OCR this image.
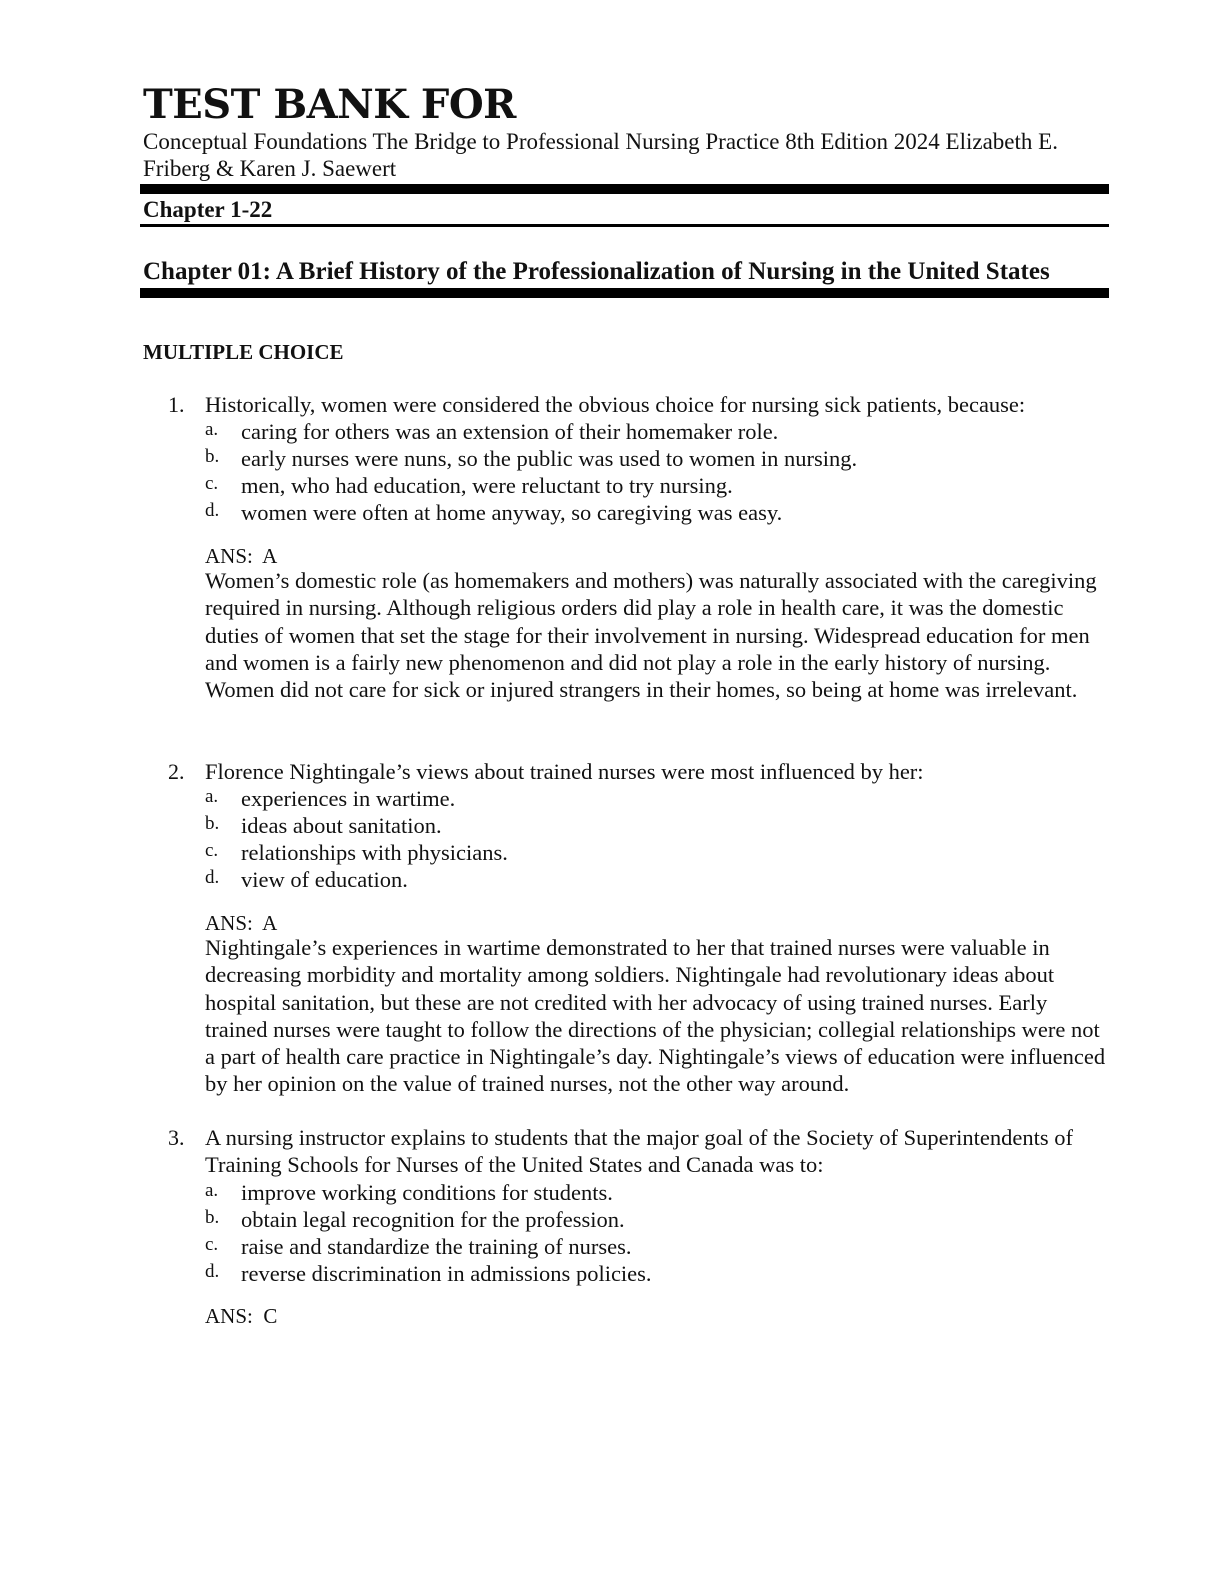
TEST BANK FOR
Conceptual Foundations The Bridge to Professional Nursing Practice 8th Edition 2024 Elizabeth E. Friberg & Karen J. Saewert
Chapter 1-22
Chapter 01: A Brief History of the Professionalization of Nursing in the United States
MULTIPLE CHOICE
1. Historically, women were considered the obvious choice for nursing sick patients, because:
a. caring for others was an extension of their homemaker role.
b. early nurses were nuns, so the public was used to women in nursing.
c. men, who had education, were reluctant to try nursing.
d. women were often at home anyway, so caregiving was easy.
ANS:  A
Women’s domestic role (as homemakers and mothers) was naturally associated with the caregiving required in nursing. Although religious orders did play a role in health care, it was the domestic duties of women that set the stage for their involvement in nursing. Widespread education for men and women is a fairly new phenomenon and did not play a role in the early history of nursing. Women did not care for sick or injured strangers in their homes, so being at home was irrelevant.
2. Florence Nightingale’s views about trained nurses were most influenced by her:
a. experiences in wartime.
b. ideas about sanitation.
c. relationships with physicians.
d. view of education.
ANS:  A
Nightingale’s experiences in wartime demonstrated to her that trained nurses were valuable in decreasing morbidity and mortality among soldiers. Nightingale had revolutionary ideas about hospital sanitation, but these are not credited with her advocacy of using trained nurses. Early trained nurses were taught to follow the directions of the physician; collegial relationships were not a part of health care practice in Nightingale’s day. Nightingale’s views of education were influenced by her opinion on the value of trained nurses, not the other way around.
3. A nursing instructor explains to students that the major goal of the Society of Superintendents of Training Schools for Nurses of the United States and Canada was to:
a. improve working conditions for students.
b. obtain legal recognition for the profession.
c. raise and standardize the training of nurses.
d. reverse discrimination in admissions policies.
ANS:  C
